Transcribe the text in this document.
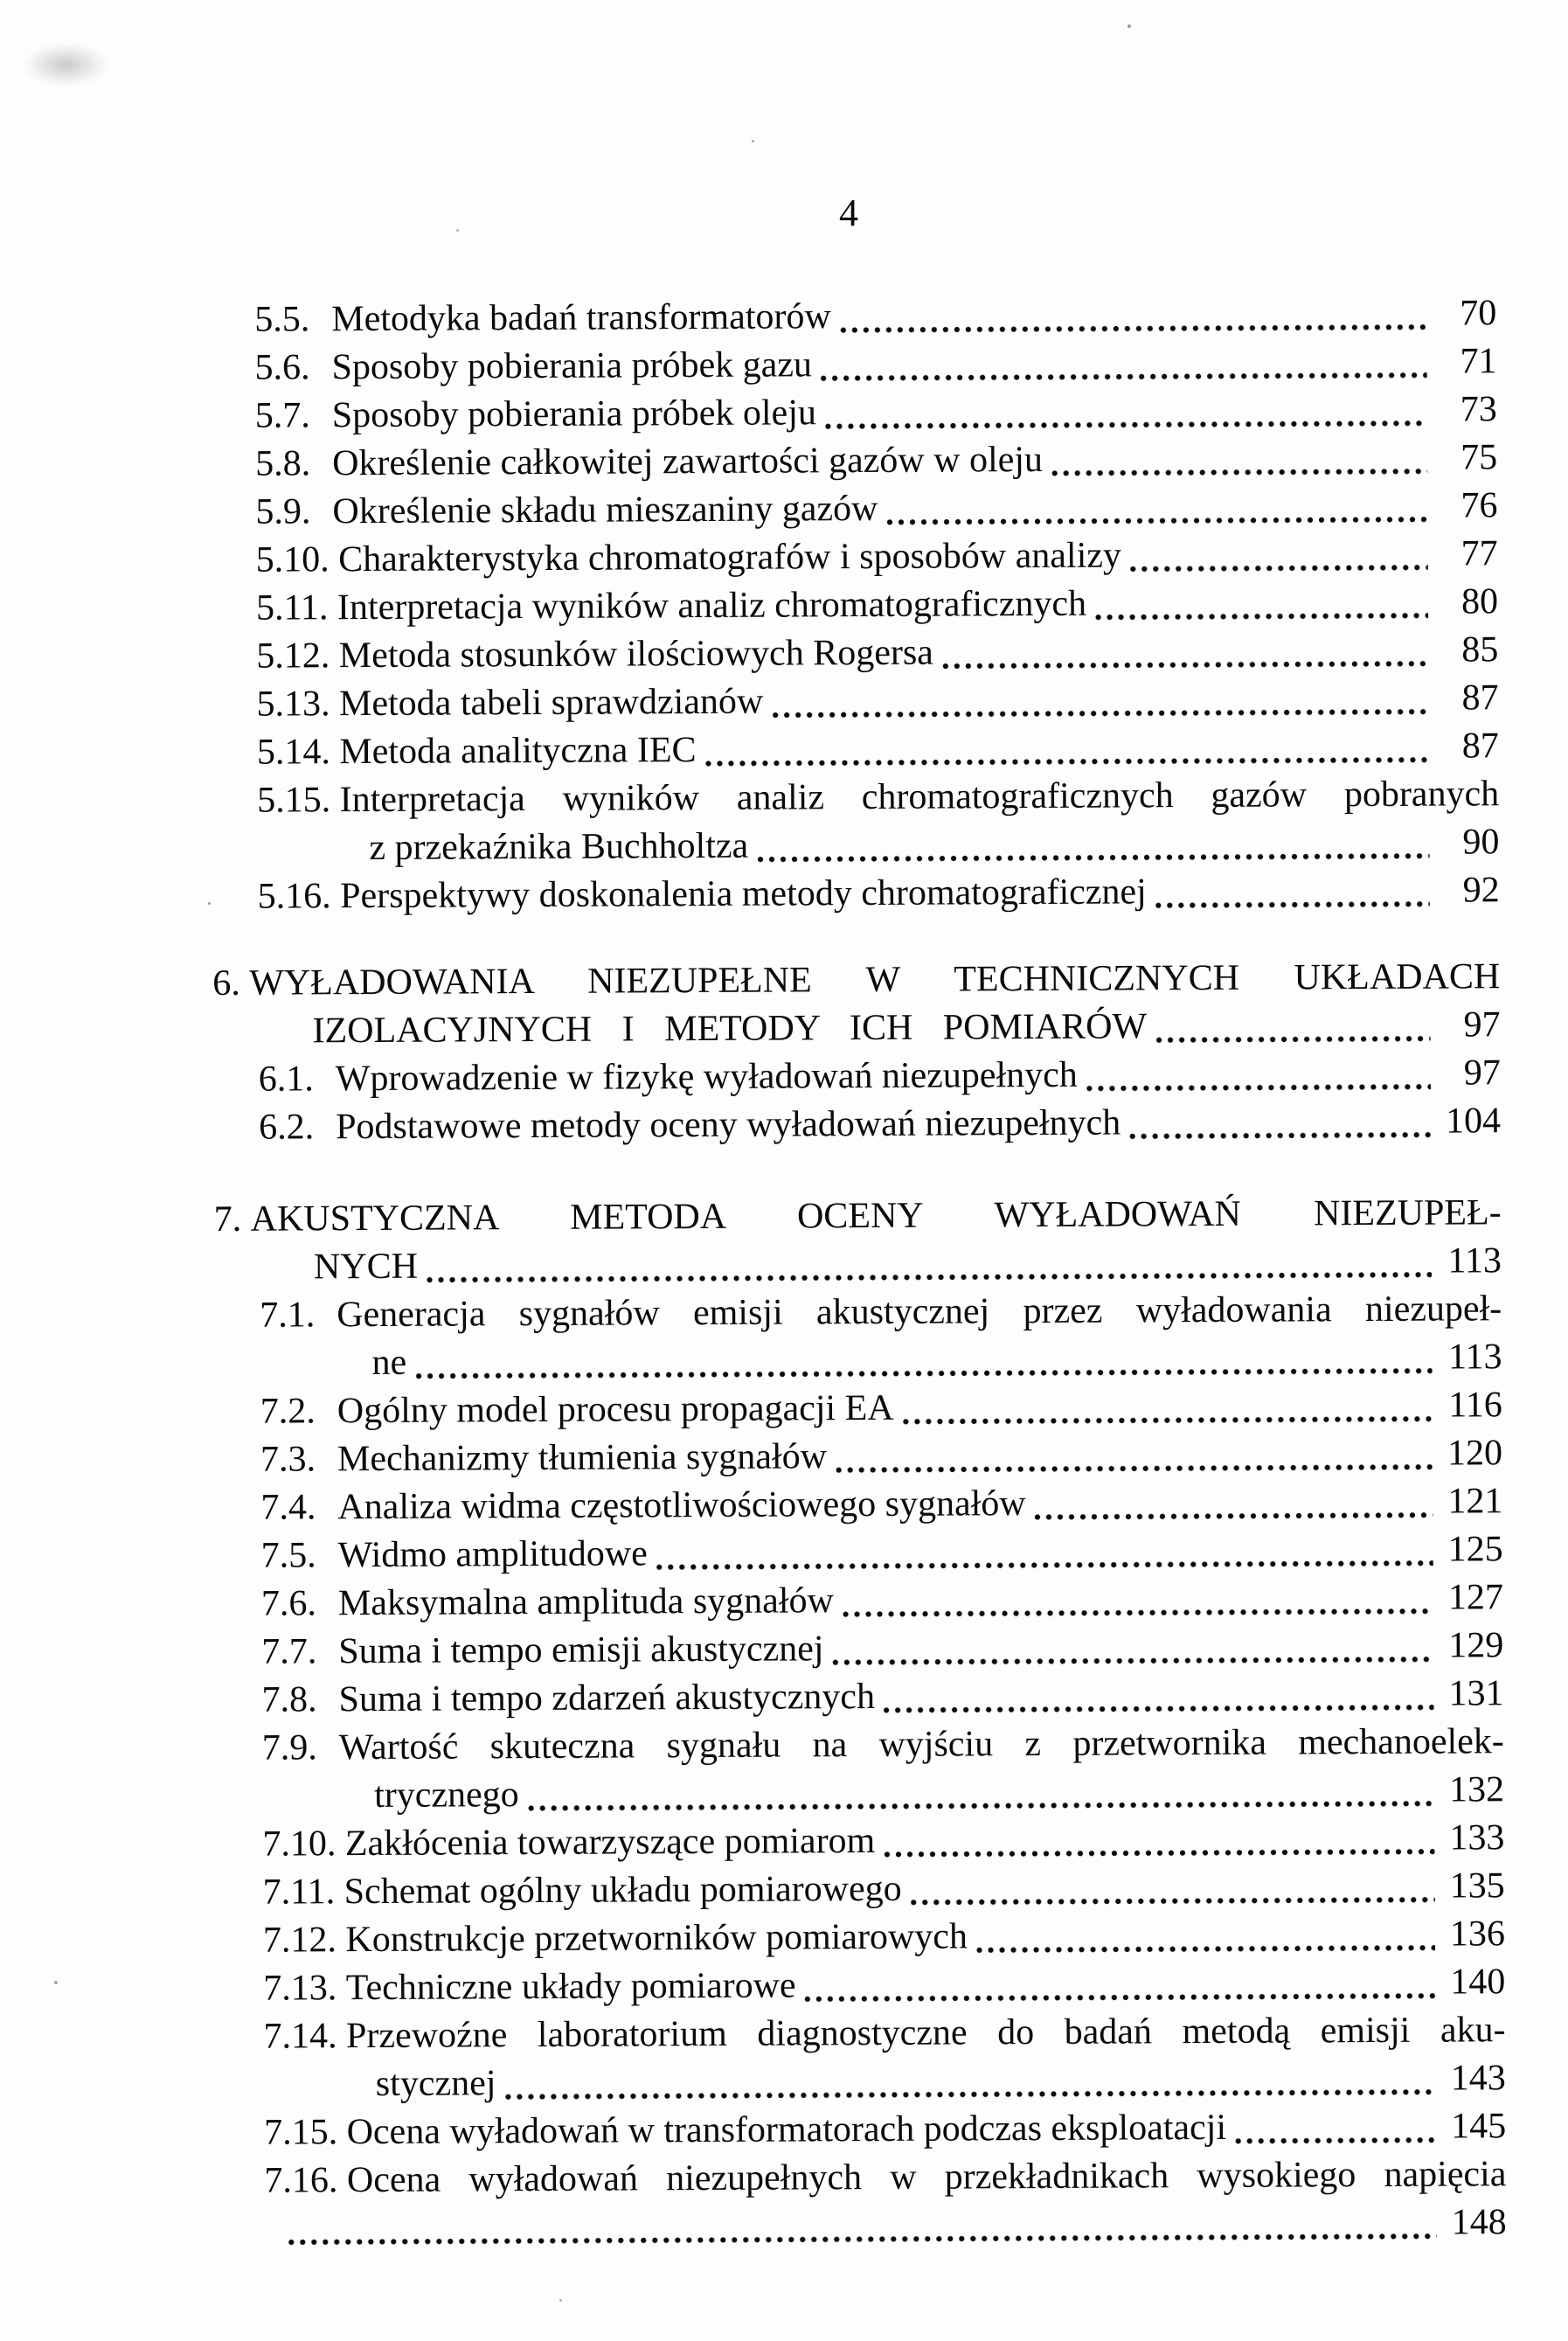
4
5.5. Metodyka badań transformatorów	70
5.6. Sposoby pobierania próbek gazu	71
5.7. Sposoby pobierania próbek oleju	73
5.8. Określenie całkowitej zawartości gazów w oleju	75
5.9. Określenie składu mieszaniny gazów	76
5.10. Charakterystyka chromatografów i sposobów analizy	77
5.11. Interpretacja wyników analiz chromatograficznych	80
5.12. Metoda stosunków ilościowych Rogersa	85
5.13. Metoda tabeli sprawdzianów	87
5.14. Metoda analityczna IEC	87
5.15. Interpretacja wyników analiz chromatograficznych gazów pobranych
z przekaźnika Buchholtza	90
5.16. Perspektywy doskonalenia metody chromatograficznej	92
6. WYŁADOWANIA NIEZUPEŁNE W TECHNICZNYCH UKŁADACH
IZOLACYJNYCH I METODY ICH POMIARÓW	97
6.1. Wprowadzenie w fizykę wyładowań niezupełnych	97
6.2. Podstawowe metody oceny wyładowań niezupełnych	104
7. AKUSTYCZNA METODA OCENY WYŁADOWAŃ NIEZUPEŁ-
NYCH	113
7.1. Generacja sygnałów emisji akustycznej przez wyładowania niezupeł-
ne	113
7.2. Ogólny model procesu propagacji EA	116
7.3. Mechanizmy tłumienia sygnałów	120
7.4. Analiza widma częstotliwościowego sygnałów	121
7.5. Widmo amplitudowe	125
7.6. Maksymalna amplituda sygnałów	127
7.7. Suma i tempo emisji akustycznej	129
7.8. Suma i tempo zdarzeń akustycznych	131
7.9. Wartość skuteczna sygnału na wyjściu z przetwornika mechanoelek-
trycznego	132
7.10. Zakłócenia towarzyszące pomiarom	133
7.11. Schemat ogólny układu pomiarowego	135
7.12. Konstrukcje przetworników pomiarowych	136
7.13. Techniczne układy pomiarowe	140
7.14. Przewoźne laboratorium diagnostyczne do badań metodą emisji aku-
stycznej	143
7.15. Ocena wyładowań w transformatorach podczas eksploatacji	145
7.16. Ocena wyładowań niezupełnych w przekładnikach wysokiego napięcia
148
